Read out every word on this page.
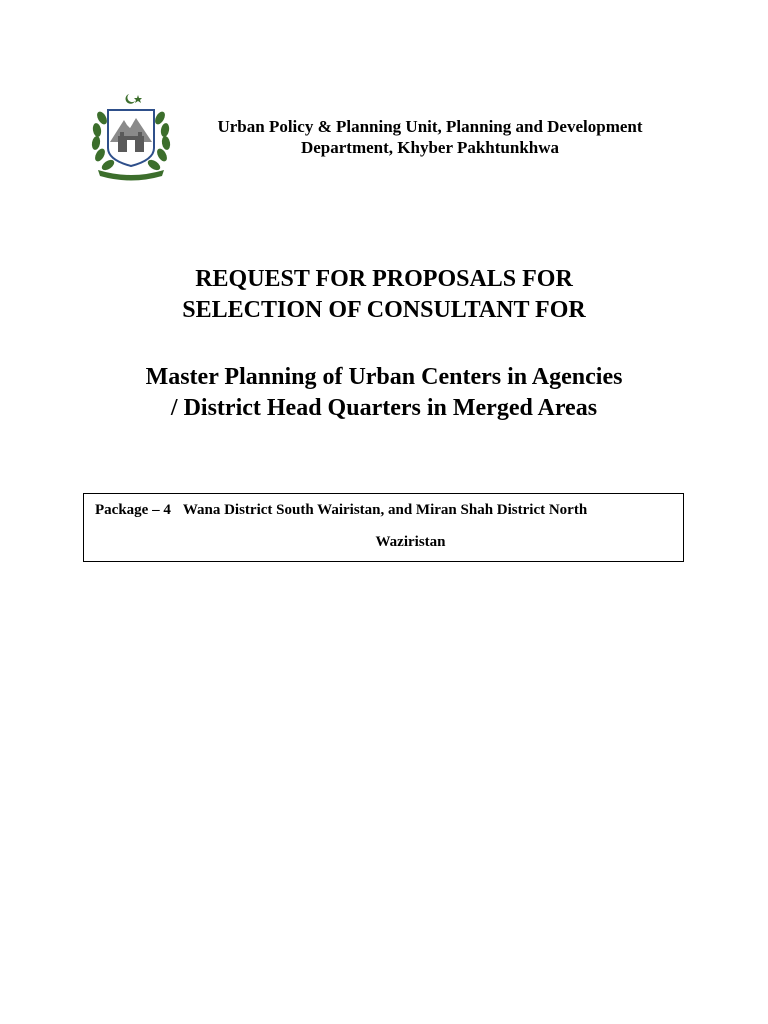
Urban Policy & Planning Unit, Planning and Development
Department, Khyber Pakhtunkhwa
REQUEST FOR PROPOSALS FOR
SELECTION OF CONSULTANT FOR
Master Planning of Urban Centers in Agencies
/ District Head Quarters in Merged Areas
Package – 4 Wana District South Wairistan, and Miran Shah District North
Waziristan
